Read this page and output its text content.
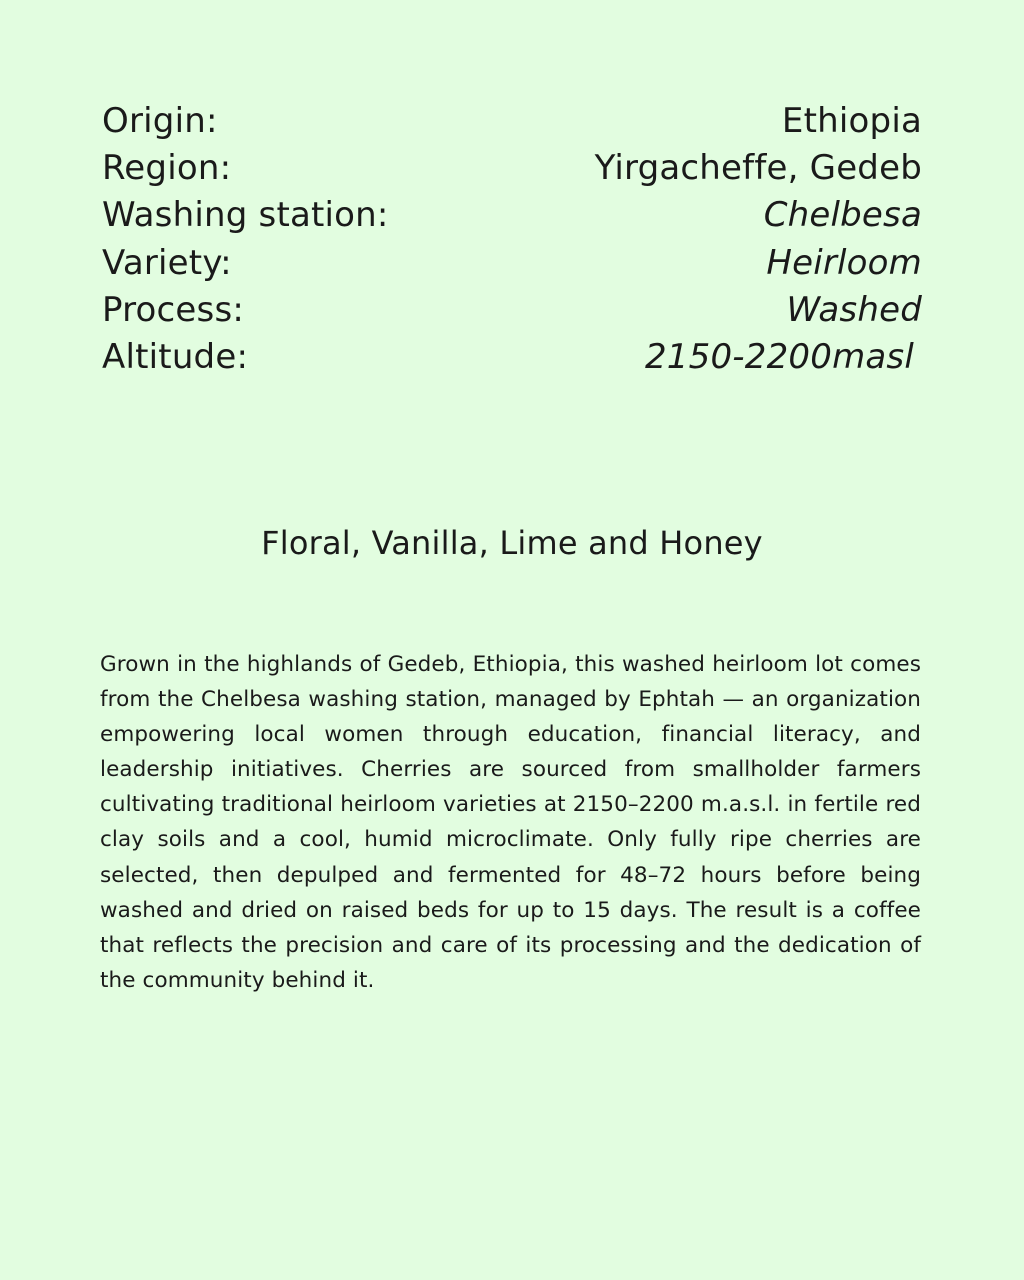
Origin:	Ethiopia
Region:	Yirgacheffe, Gedeb
Washing station:	Chelbesa
Variety:	Heirloom
Process:	Washed
Altitude:	2150-2200masl
Floral, Vanilla, Lime and Honey

Grown in the highlands of Gedeb, Ethiopia, this washed heirloom lot comes from the Chelbesa washing station, managed by Ephtah — an organization empowering local women through education, financial literacy, and leadership initiatives. Cherries are sourced from smallholder farmers cultivating traditional heirloom varieties at 2150–2200 m.a.s.l. in fertile red clay soils and a cool, humid microclimate. Only fully ripe cherries are selected, then depulped and fermented for 48–72 hours before being washed and dried on raised beds for up to 15 days. The result is a coffee that reflects the precision and care of its processing and the dedication of the community behind it.
